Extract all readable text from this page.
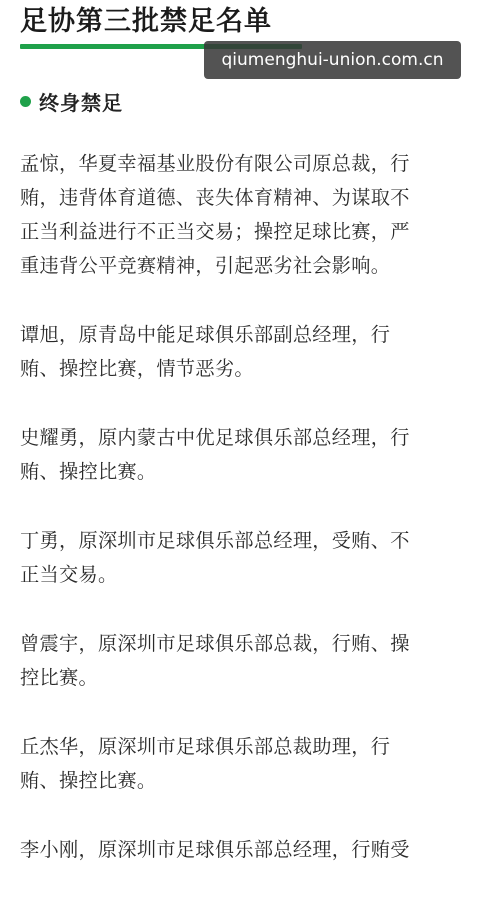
足协第三批禁足名单
qiumenghui-union.com.cn
终身禁足

孟惊，华夏幸福基业股份有限公司原总裁，行
贿，违背体育道德、丧失体育精神、为谋取不
正当利益进行不正当交易；操控足球比赛，严
重违背公平竞赛精神，引起恶劣社会影响。

谭旭，原青岛中能足球俱乐部副总经理，行
贿、操控比赛，情节恶劣。

史耀勇，原内蒙古中优足球俱乐部总经理，行
贿、操控比赛。

丁勇，原深圳市足球俱乐部总经理，受贿、不
正当交易。

曾震宇，原深圳市足球俱乐部总裁，行贿、操
控比赛。

丘杰华，原深圳市足球俱乐部总裁助理，行
贿、操控比赛。

李小刚，原深圳市足球俱乐部总经理，行贿受
